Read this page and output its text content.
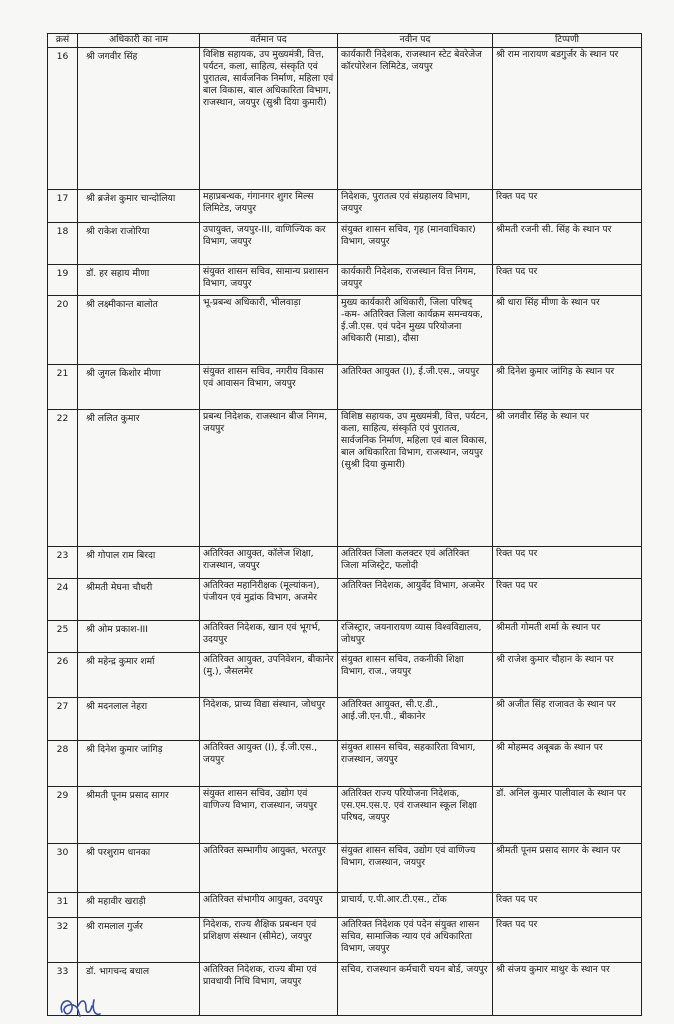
क्रसं	अधिकारी का नाम	वर्तमान पद	नवीन पद	टिप्पणी
16	श्री जगवीर सिंह	विशिष्ठ सहायक, उप मुख्यमंत्री, वित्त, पर्यटन, कला, साहित्य, संस्कृति एवं पुरातत्व, सार्वजनिक निर्माण, महिला एवं बाल विकास, बाल अधिकारिता विभाग, राजस्थान, जयपुर (सुश्री दिया कुमारी)	कार्यकारी निदेशक, राजस्थान स्टेट बेवरेजेज कॉरपोरेशन लिमिटेड, जयपुर	श्री राम नारायण बडगुर्जर के स्थान पर
17	श्री ब्रजेश कुमार चान्दोलिया	महाप्रबन्धक, गंगानगर शुगर मिल्स लिमिटेड, जयपुर	निदेशक, पुरातत्व एवं संग्रहालय विभाग, जयपुर	रिक्त पद पर
18	श्री राकेश राजोरिया	उपायुक्त, जयपुर-III, वाणिज्यिक कर विभाग, जयपुर	संयुक्त शासन सचिव, गृह (मानवाधिकार) विभाग, जयपुर	श्रीमती रजनी सी. सिंह के स्थान पर
19	डॉ. हर सहाय मीणा	संयुक्त शासन सचिव, सामान्य प्रशासन विभाग, जयपुर	कार्यकारी निदेशक, राजस्थान वित्त निगम, जयपुर	रिक्त पद पर
20	श्री लक्ष्मीकान्त बालोत	भू-प्रबन्ध अधिकारी, भीलवाड़ा	मुख्य कार्यकारी अधिकारी, जिला परिषद् -कम- अतिरिक्त जिला कार्यक्रम समन्वयक, ई.जी.एस. एवं पदेन मुख्य परियोजना अधिकारी (माडा), दौसा	श्री धारा सिंह मीणा के स्थान पर
21	श्री जुगल किशोर मीणा	संयुक्त शासन सचिव, नगरीय विकास एवं आवासन विभाग, जयपुर	अतिरिक्त आयुक्त (I), ई.जी.एस., जयपुर	श्री दिनेश कुमार जांगिड़ के स्थान पर
22	श्री ललित कुमार	प्रबन्ध निदेशक, राजस्थान बीज निगम, जयपुर	विशिष्ठ सहायक, उप मुख्यमंत्री, वित्त, पर्यटन, कला, साहित्य, संस्कृति एवं पुरातत्व, सार्वजनिक निर्माण, महिला एवं बाल विकास, बाल अधिकारिता विभाग, राजस्थान, जयपुर (सुश्री दिया कुमारी)	श्री जगवीर सिंह के स्थान पर
23	श्री गोपाल राम बिरदा	अतिरिक्त आयुक्त, कॉलेज शिक्षा, राजस्थान, जयपुर	अतिरिक्त जिला कलक्टर एवं अतिरिक्त जिला मजिस्ट्रेट, फलोदी	रिक्त पद पर
24	श्रीमती मेघना चौधरी	अतिरिक्त महानिरीक्षक (मूल्यांकन), पंजीयन एवं मुद्रांक विभाग, अजमेर	अतिरिक्त निदेशक, आयुर्वेद विभाग, अजमेर	रिक्त पद पर
25	श्री ओम प्रकाश-III	अतिरिक्त निदेशक, खान एवं भूगर्भ, उदयपुर	रजिस्ट्रार, जयनारायण व्यास विश्वविद्यालय, जोधपुर	श्रीमती गोमती शर्मा के स्थान पर
26	श्री महेन्द्र कुमार शर्मा	अतिरिक्त आयुक्त, उपनिवेशन, बीकानेर (मु.), जैसलमेर	संयुक्त शासन सचिव, तकनीकी शिक्षा विभाग, राज., जयपुर	श्री राजेश कुमार चौहान के स्थान पर
27	श्री मदनलाल नेहरा	निदेशक, प्राच्य विद्या संस्थान, जोधपुर	अतिरिक्त आयुक्त, सी.ए.डी., आई.जी.एन.पी., बीकानेर	श्री अजीत सिंह राजावत के स्थान पर
28	श्री दिनेश कुमार जांगिड़	अतिरिक्त आयुक्त (I), ई.जी.एस., जयपुर	संयुक्त शासन सचिव, सहकारिता विभाग, राजस्थान, जयपुर	श्री मोहम्मद अबूबक्र के स्थान पर
29	श्रीमती पूनम प्रसाद सागर	संयुक्त शासन सचिव, उद्योग एवं वाणिज्य विभाग, राजस्थान, जयपुर	अतिरिक्त राज्य परियोजना निदेशक, एस.एम.एस.ए. एवं राजस्थान स्कूल शिक्षा परिषद, जयपुर	डॉ. अनिल कुमार पालीवाल के स्थान पर
30	श्री परशुराम धानका	अतिरिक्त सम्भागीय आयुक्त, भरतपुर	संयुक्त शासन सचिव, उद्योग एवं वाणिज्य विभाग, राजस्थान, जयपुर	श्रीमती पूनम प्रसाद सागर के स्थान पर
31	श्री महावीर खराड़ी	अतिरिक्त संभागीय आयुक्त, उदयपुर	प्राचार्य, ए.पी.आर.टी.एस., टोंक	रिक्त पद पर
32	श्री रामलाल गुर्जर	निदेशक, राज्य शैक्षिक प्रबन्धन एवं प्रशिक्षण संस्थान (सीमेट), जयपुर	अतिरिक्त निदेशक एवं पदेन संयुक्त शासन सचिव, सामाजिक न्याय एवं अधिकारिता विभाग, जयपुर	रिक्त पद पर
33	डॉ. भागचन्द बधाल	अतिरिक्त निदेशक, राज्य बीमा एवं प्रावधायी निधि विभाग, जयपुर	सचिव, राजस्थान कर्मचारी चयन बोर्ड, जयपुर	श्री संजय कुमार माथुर के स्थान पर
